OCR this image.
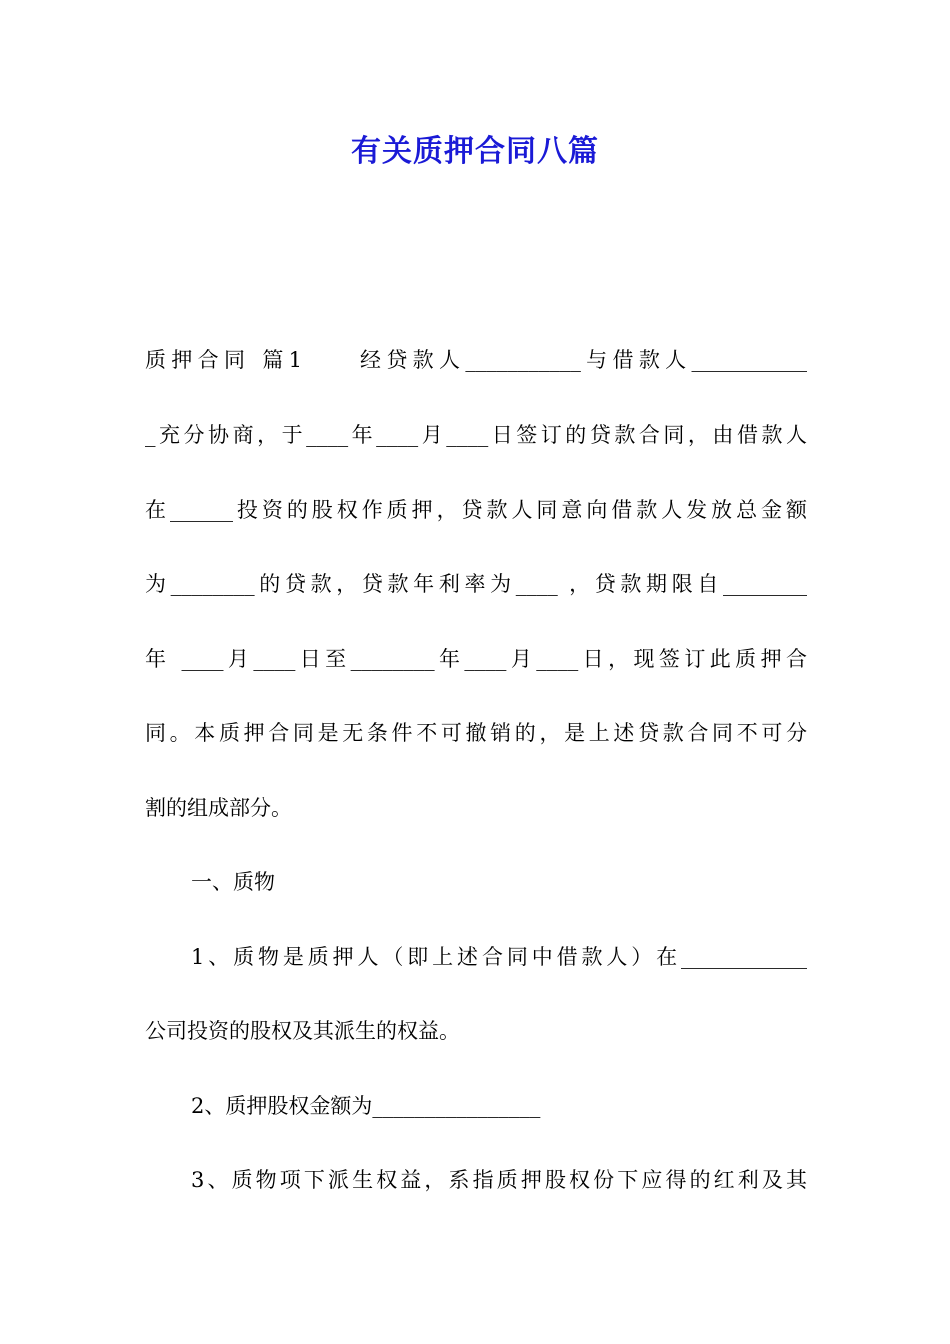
有关质押合同八篇
质押合同 篇1　　经贷款人___________与借款人___________
_充分协商，于____年____月____日签订的贷款合同，由借款人
在______投资的股权作质押，贷款人同意向借款人发放总金额
为________的贷款，贷款年利率为____ ，贷款期限自________
年 ____月____日至________年____月____日，现签订此质押合
同。本质押合同是无条件不可撤销的，是上述贷款合同不可分
割的组成部分。
一、质物
1、质物是质押人（即上述合同中借款人）在____________
公司投资的股权及其派生的权益。
2、质押股权金额为________________
3、质物项下派生权益，系指质押股权份下应得的红利及其
